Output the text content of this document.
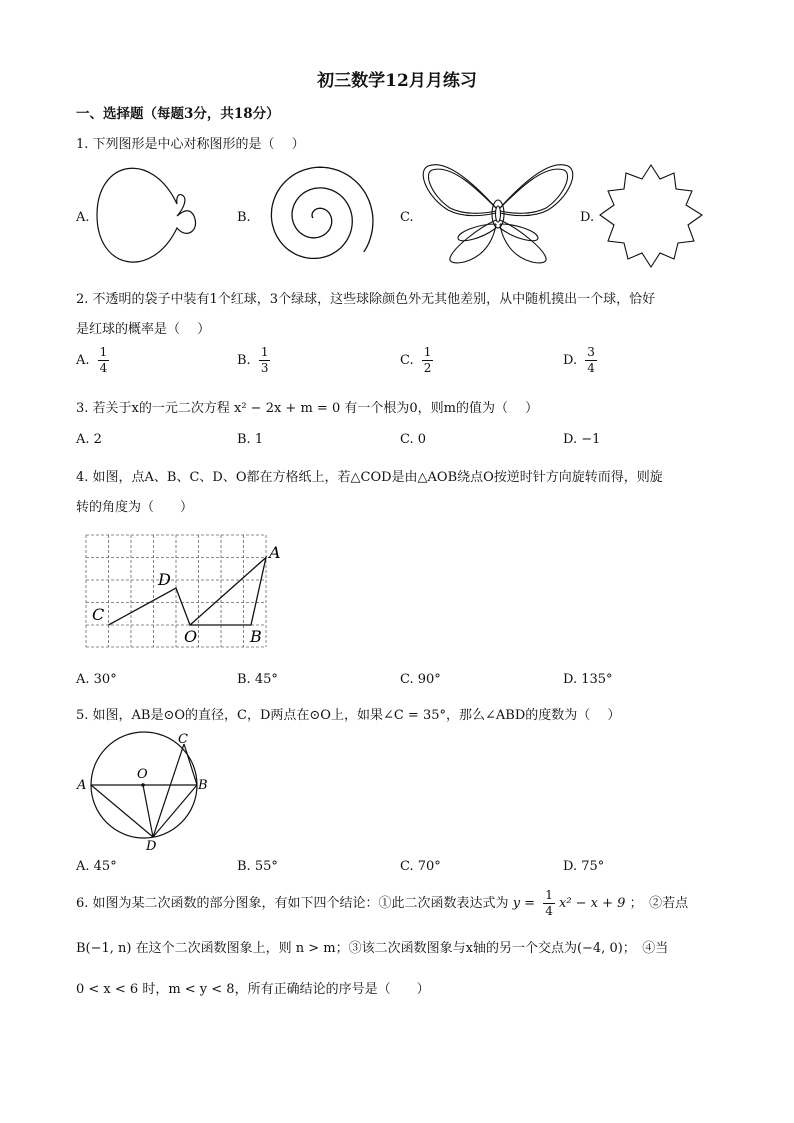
初三数学12月月练习
一、选择题（每题3分，共18分）
1. 下列图形是中心对称图形的是（　 ）
A.	B.	C.	D.
2. 不透明的袋子中装有1个红球，3个绿球，这些球除颜色外无其他差别，从中随机摸出一个球，恰好
是红球的概率是（　 ）
A. $\frac{1}{4}$	B. $\frac{1}{3}$	C. $\frac{1}{2}$	D. $\frac{3}{4}$
3. 若关于x的一元二次方程 x² − 2x + m = 0 有一个根为0，则m的值为（　 ）
A. 2	B. 1	C. 0	D. −1
4. 如图，点A、B、C、D、O都在方格纸上，若△COD是由△AOB绕点O按逆时针方向旋转而得，则旋
转的角度为（　　）
C
D
O	B
A
A. 30°	B. 45°	C. 90°	D. 135°
5. 如图，AB是⊙O的直径，C，D两点在⊙O上，如果∠C = 35°，那么∠ABD的度数为（　 ）
A	B
C
D
O
A. 45°	B. 55°	C. 70°	D. 75°
6. 如图为某二次函数的部分图象，有如下四个结论：①此二次函数表达式为 $y = \frac{1}{4} x^2 - x + 9$ ；　②若点
B(−1, n) 在这个二次函数图象上，则 n > m；③该二次函数图象与x轴的另一个交点为(−4, 0)；　④当
0 < x < 6 时，m < y < 8，所有正确结论的序号是（　　）
